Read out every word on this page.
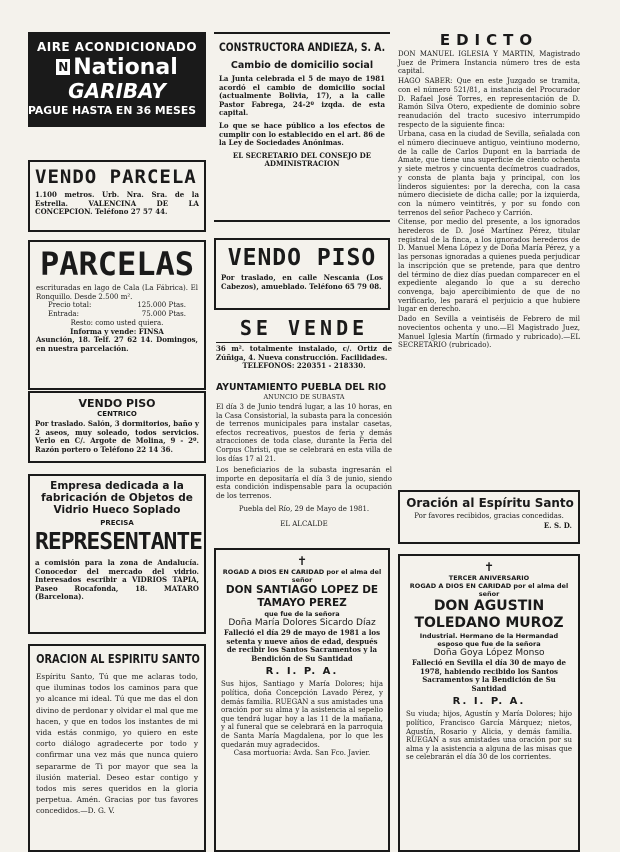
AIRE ACONDICIONADO
N National
GARIBAY
PAGUE HASTA EN 36 MESES
VENDO PARCELA

1.100 metros. Urb. Nra. Sra. de la Estrella. VALENCINA DE LA CONCEPCION. Teléfono 27 57 44.

PARCELAS

escrituradas en lago de Cala (La Fábrica). El Ronquillo. Desde 2.500 m².

Precio total:	125.000 Ptas.
Entrada:	75.000 Ptas.

Resto: como usted quiera.

Informa y vende: FINSA

Asunción, 18. Telf. 27 62 14. Domingos, en nuestra parcelación.

VENDO PISO
CENTRICO

Por traslado. Salón, 3 dormitorios, baño y 2 aseos, muy soleado, todos servicios. Verlo en C/. Argote de Molina, 9 - 2º. Razón portero o Teléfono 22 14 36.

Empresa dedicada a la fabricación de Objetos de Vidrio Hueco Soplado
PRECISA
REPRESENTANTE

a comisión para la zona de Andalucía. Conocedor del mercado del vidrio. Interesados escribir a VIDRIOS TAPIA, Paseo Rocafonda, 18. MATARO (Barcelona).

ORACION AL ESPIRITU SANTO

Espíritu Santo, Tú que me aclaras todo, que iluminas todos los caminos para que yo alcance mi ideal. Tú que me das el don divino de perdonar y olvidar el mal que me hacen, y que en todos los instantes de mi vida estás conmigo, yo quiero en este corto diálogo agradecerte por todo y confirmar una vez más que nunca quiero separarme de Ti por mayor que sea la ilusión material. Deseo estar contigo y todos mis seres queridos en la gloria perpetua. Amén. Gracias por tus favores concedidos.—D. G. V.

CONSTRUCTORA ANDIEZA, S. A.
Cambio de domicilio social

La Junta celebrada el 5 de mayo de 1981 acordó el cambio de domicilio social (actualmente Bolivia, 17), a la calle Pastor Fabrega, 24-2º izqda. de esta capital.

Lo que se hace público a los efectos de cumplir con lo establecido en el art. 86 de la Ley de Sociedades Anónimas.

EL SECRETARIO DEL CONSEJO DE ADMINISTRACION

VENDO PISO

Por traslado, en calle Nescania (Los Cabezos), amueblado. Teléfono 65 79 08.

SE VENDE

36 m². totalmente instalado, c/. Ortiz de Zúñiga, 4. Nueva construcción. Facilidades.

TELEFONOS: 220351 - 218330.

AYUNTAMIENTO PUEBLA DEL RIO
ANUNCIO DE SUBASTA

El día 3 de Junio tendrá lugar, a las 10 horas, en la Casa Consistorial, la subasta para la concesión de terrenos municipales para instalar casetas, efectos recreativos, puestos de feria y demás atracciones de toda clase, durante la Feria del Corpus Christi, que se celebrará en esta villa de los días 17 al 21.

Los beneficiarios de la subasta ingresarán el importe en depositaría el día 3 de junio, siendo esta condición indispensable para la ocupación de los terrenos.

Puebla del Río, 29 de Mayo de 1981.

EL ALCALDE

✝
ROGAD A DIOS EN CARIDAD por el alma del señor
DON SANTIAGO LOPEZ DE TAMAYO PEREZ
que fue de la señora
Doña María Dolores Sicardo Díaz

Falleció el día 29 de mayo de 1981 a los setenta y nueve años de edad, después de recibir los Santos Sacramentos y la Bendición de Su Santidad

R. I. P. A.

Sus hijos, Santiago y María Dolores; hija política, doña Concepción Lavado Pérez, y demás familia. RUEGAN a sus amistades una oración por su alma y la asistencia al sepelio que tendrá lugar hoy a las 11 de la mañana, y al funeral que se celebrará en la parroquia de Santa María Magdalena, por lo que les quedarán muy agradecidos.

Casa mortuoria: Avda. San Fco. Javier.

EDICTO

DON MANUEL IGLESIA Y MARTIN, Magistrado Juez de Primera Instancia número tres de esta capital.

HAGO SABER: Que en este Juzgado se tramita, con el número 521/81, a instancia del Procurador D. Rafael José Torres, en representación de D. Ramón Silva Otero, expediente de dominio sobre reanudación del tracto sucesivo interrumpido respecto de la siguiente finca:

Urbana, casa en la ciudad de Sevilla, señalada con el número diecinueve antiguo, veintiuno moderno, de la calle de Carlos Dupont en la barriada de Amate, que tiene una superficie de ciento ochenta y siete metros y cincuenta decímetros cuadrados, y consta de planta baja y principal, con los linderos siguientes: por la derecha, con la casa número diecisiete de dicha calle; por la izquierda, con la número veintitrés, y por su fondo con terrenos del señor Pacheco y Carrión.

Citense, por medio del presente, a los ignorados herederos de D. José Martínez Pérez, titular registral de la finca, a los ignorados herederos de D. Manuel Mena López y de Doña María Pérez, y a las personas ignoradas a quienes pueda perjudicar la inscripción que se pretende, para que dentro del término de diez días puedan comparecer en el expediente alegando lo que a su derecho convenga, bajo apercibimiento de que de no verificarlo, les parará el perjuicio a que hubiere lugar en derecho.

Dado en Sevilla a veintiséis de Febrero de mil novecientos ochenta y uno.—El Magistrado Juez, Manuel Iglesia Martín (firmado y rubricado).—EL SECRETARIO (rubricado).

Oración al Espíritu Santo

Por favores recibidos, gracias concedidas.

E. S. D.
✝
TERCER ANIVERSARIO
ROGAD A DIOS EN CARIDAD por el alma del señor
DON AGUSTIN TOLEDANO MUROZ
Industrial. Hermano de la Hermandad
esposo que fue de la señora
Doña Goya López Monso

Falleció en Sevilla el día 30 de mayo de 1978, habiendo recibido los Santos Sacramentos y la Bendición de Su Santidad

R. I. P. A.

Su viuda; hijos, Agustín y María Dolores; hijo político, Francisco García Márquez; nietos, Agustín, Rosario y Alicia, y demás familia. RUEGAN a sus amistades una oración por su alma y la asistencia a alguna de las misas que se celebrarán el día 30 de los corrientes.
